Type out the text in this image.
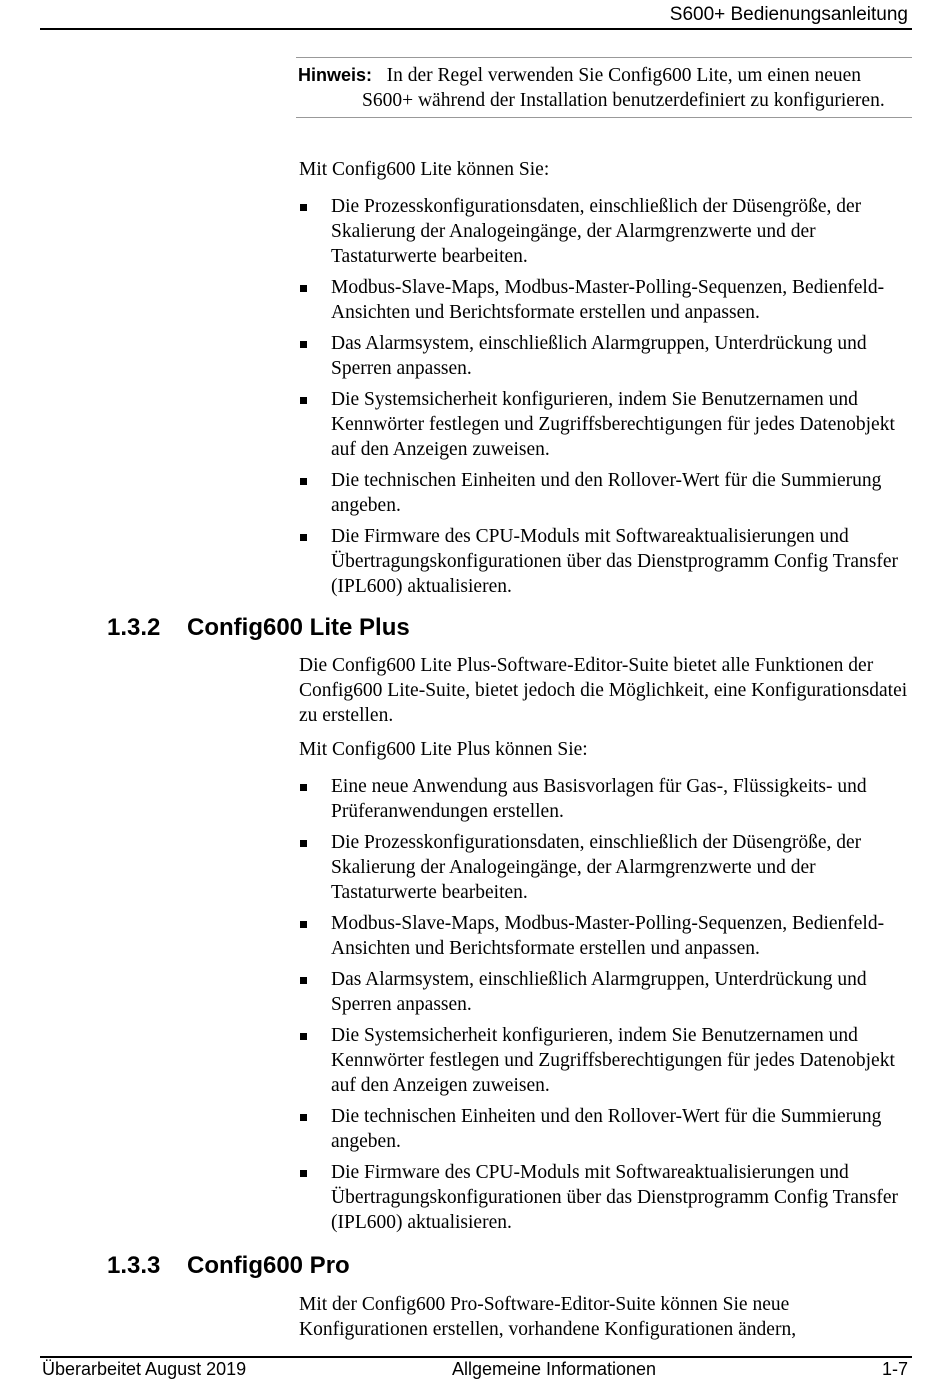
S600+ Bedienungsanleitung

Hinweis: In der Regel verwenden Sie Config600 Lite, um einen neuen S600+ während der Installation benutzerdefiniert zu konfigurieren.

Mit Config600 Lite können Sie:

Die Prozesskonfigurationsdaten, einschließlich der Düsengröße, der Skalierung der Analogeingänge, der Alarmgrenzwerte und der Tastaturwerte bearbeiten.
Modbus-Slave-Maps, Modbus-Master-Polling-Sequenzen, Bedienfeld-Ansichten und Berichtsformate erstellen und anpassen.
Das Alarmsystem, einschließlich Alarmgruppen, Unterdrückung und Sperren anpassen.
Die Systemsicherheit konfigurieren, indem Sie Benutzernamen und Kennwörter festlegen und Zugriffsberechtigungen für jedes Datenobjekt auf den Anzeigen zuweisen.
Die technischen Einheiten und den Rollover-Wert für die Summierung angeben.
Die Firmware des CPU-Moduls mit Softwareaktualisierungen und Übertragungskonfigurationen über das Dienstprogramm Config Transfer (IPL600) aktualisieren.
1.3.2 Config600 Lite Plus

Die Config600 Lite Plus-Software-Editor-Suite bietet alle Funktionen der Config600 Lite-Suite, bietet jedoch die Möglichkeit, eine Konfigurationsdatei zu erstellen.

Mit Config600 Lite Plus können Sie:

Eine neue Anwendung aus Basisvorlagen für Gas-, Flüssigkeits- und Prüferanwendungen erstellen.
Die Prozesskonfigurationsdaten, einschließlich der Düsengröße, der Skalierung der Analogeingänge, der Alarmgrenzwerte und der Tastaturwerte bearbeiten.
Modbus-Slave-Maps, Modbus-Master-Polling-Sequenzen, Bedienfeld-Ansichten und Berichtsformate erstellen und anpassen.
Das Alarmsystem, einschließlich Alarmgruppen, Unterdrückung und Sperren anpassen.
Die Systemsicherheit konfigurieren, indem Sie Benutzernamen und Kennwörter festlegen und Zugriffsberechtigungen für jedes Datenobjekt auf den Anzeigen zuweisen.
Die technischen Einheiten und den Rollover-Wert für die Summierung angeben.
Die Firmware des CPU-Moduls mit Softwareaktualisierungen und Übertragungskonfigurationen über das Dienstprogramm Config Transfer (IPL600) aktualisieren.
1.3.3 Config600 Pro

Mit der Config600 Pro-Software-Editor-Suite können Sie neue Konfigurationen erstellen, vorhandene Konfigurationen ändern,

Überarbeitet August 2019	Allgemeine Informationen	1-7
